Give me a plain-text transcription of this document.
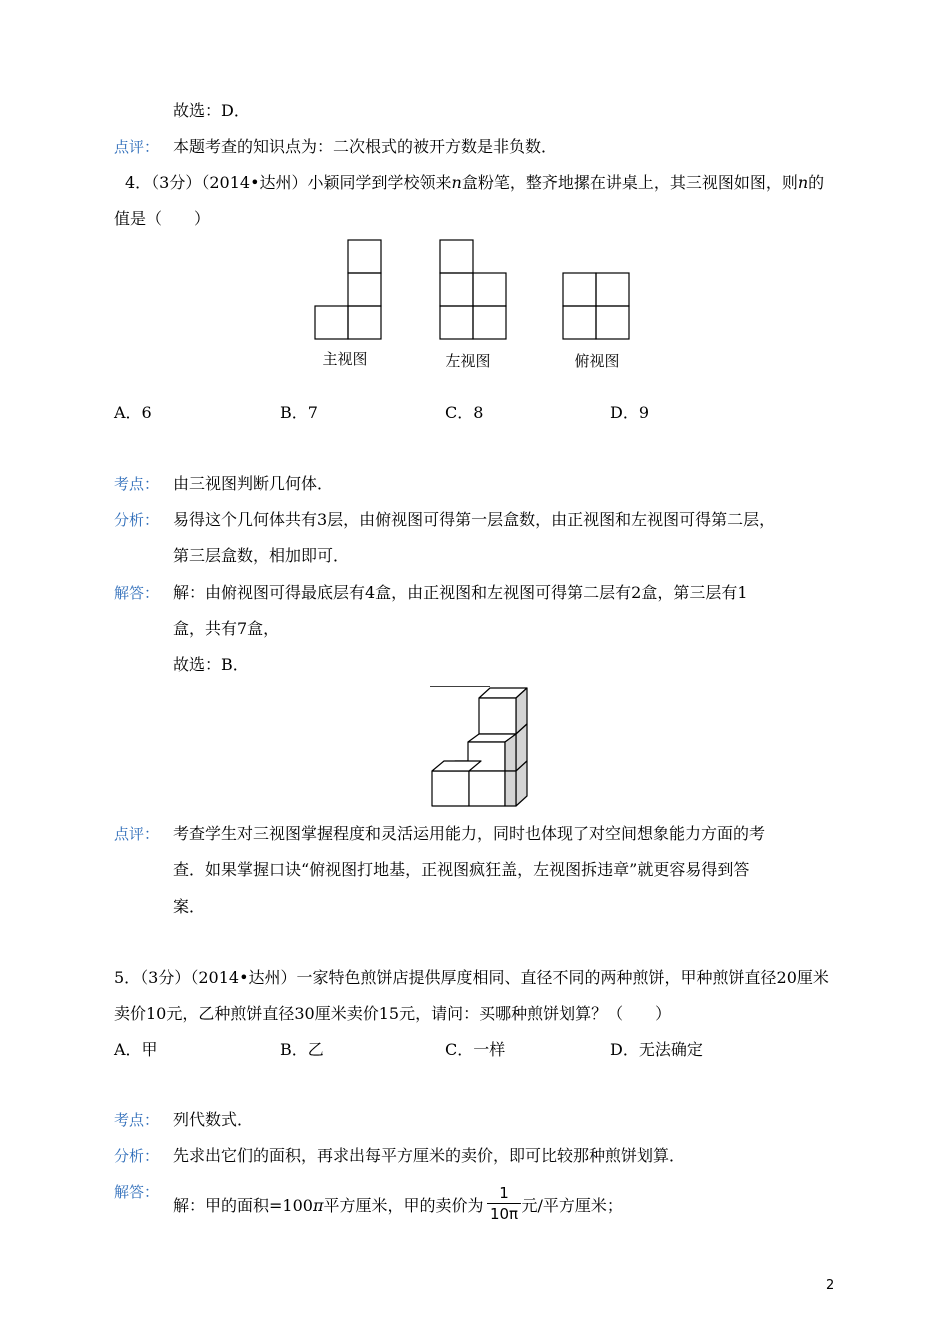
故选：D．
点评： 本题考查的知识点为：二次根式的被开方数是非负数．
4．（3分）（2014•达州）小颖同学到学校领来n盒粉笔，整齐地摞在讲桌上，其三视图如图，则n的
值是（　　）
主视图	左视图	俯视图
A．6	B．7	C．8	D．9
考点： 由三视图判断几何体．
分析： 易得这个几何体共有3层，由俯视图可得第一层盒数，由正视图和左视图可得第二层，
第三层盒数，相加即可．
解答： 解：由俯视图可得最底层有4盒，由正视图和左视图可得第二层有2盒，第三层有1
盒，共有7盒，
故选：B．
点评： 考查学生对三视图掌握程度和灵活运用能力，同时也体现了对空间想象能力方面的考
查．如果掌握口诀“俯视图打地基，正视图疯狂盖，左视图拆违章”就更容易得到答
案．
5．（3分）（2014•达州）一家特色煎饼店提供厚度相同、直径不同的两种煎饼，甲种煎饼直径20厘米
卖价10元，乙种煎饼直径30厘米卖价15元，请问：买哪种煎饼划算？（　　）
A．甲	B．乙	C．一样	D．无法确定
考点： 列代数式．
分析： 先求出它们的面积，再求出每平方厘米的卖价，即可比较那种煎饼划算．
解答：
解：甲的面积=100π平方厘米，甲的卖价为 元/平方厘米；
1
10π
2
